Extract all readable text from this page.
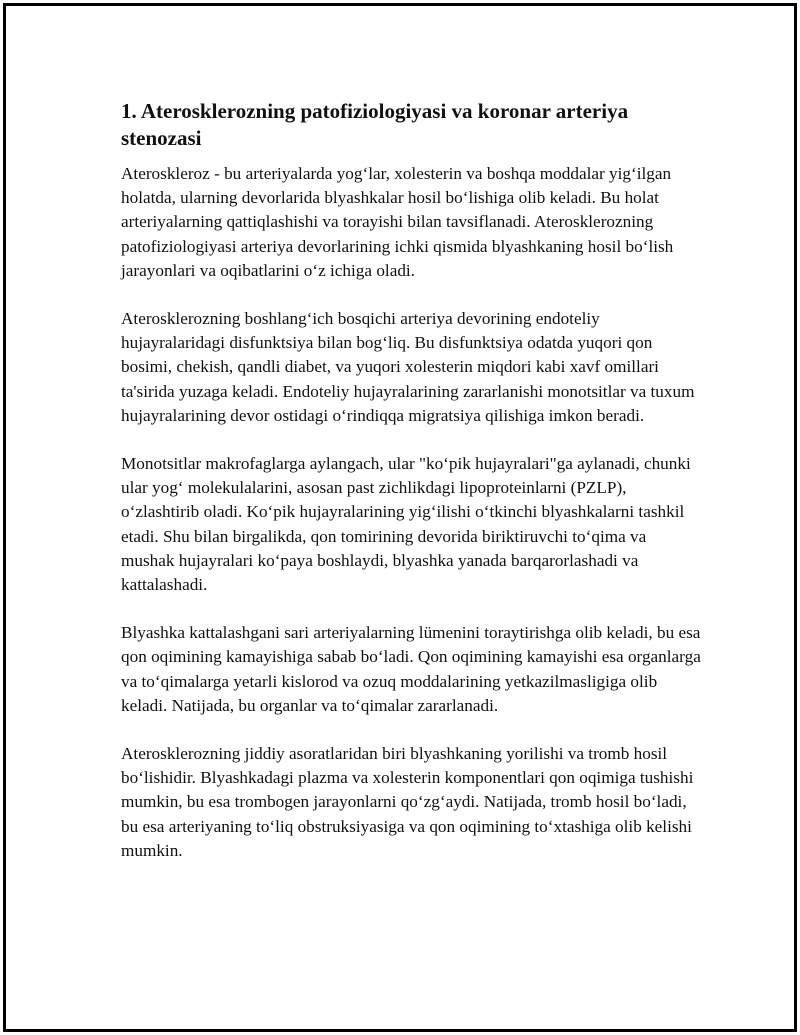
1. Aterosklerozning patofiziologiyasi va koronar arteriya stenozasi

Ateroskleroz - bu arteriyalarda yog‘lar, xolesterin va boshqa moddalar yig‘ilgan holatda, ularning devorlarida blyashkalar hosil bo‘lishiga olib keladi. Bu holat arteriyalarning qattiqlashishi va torayishi bilan tavsiflanadi. Aterosklerozning patofiziologiyasi arteriya devorlarining ichki qismida blyashkaning hosil bo‘lish jarayonlari va oqibatlarini o‘z ichiga oladi.

Aterosklerozning boshlang‘ich bosqichi arteriya devorining endoteliy hujayralaridagi disfunktsiya bilan bog‘liq. Bu disfunktsiya odatda yuqori qon bosimi, chekish, qandli diabet, va yuqori xolesterin miqdori kabi xavf omillari ta'sirida yuzaga keladi. Endoteliy hujayralarining zararlanishi monotsitlar va tuxum hujayralarining devor ostidagi o‘rindiqqa migratsiya qilishiga imkon beradi.

Monotsitlar makrofaglarga aylangach, ular "ko‘pik hujayralari"ga aylanadi, chunki ular yog‘ molekulalarini, asosan past zichlikdagi lipoproteinlarni (PZLP), o‘zlashtirib oladi. Ko‘pik hujayralarining yig‘ilishi o‘tkinchi blyashkalarni tashkil etadi. Shu bilan birgalikda, qon tomirining devorida biriktiruvchi to‘qima va mushak hujayralari ko‘paya boshlaydi, blyashka yanada barqarorlashadi va kattalashadi.

Blyashka kattalashgani sari arteriyalarning lümenini toraytirishga olib keladi, bu esa qon oqimining kamayishiga sabab bo‘ladi. Qon oqimining kamayishi esa organlarga va to‘qimalarga yetarli kislorod va ozuq moddalarining yetkazilmasligiga olib keladi. Natijada, bu organlar va to‘qimalar zararlanadi.

Aterosklerozning jiddiy asoratlaridan biri blyashkaning yorilishi va tromb hosil bo‘lishidir. Blyashkadagi plazma va xolesterin komponentlari qon oqimiga tushishi mumkin, bu esa trombogen jarayonlarni qo‘zg‘aydi. Natijada, tromb hosil bo‘ladi, bu esa arteriyaning to‘liq obstruksiyasiga va qon oqimining to‘xtashiga olib kelishi mumkin.
